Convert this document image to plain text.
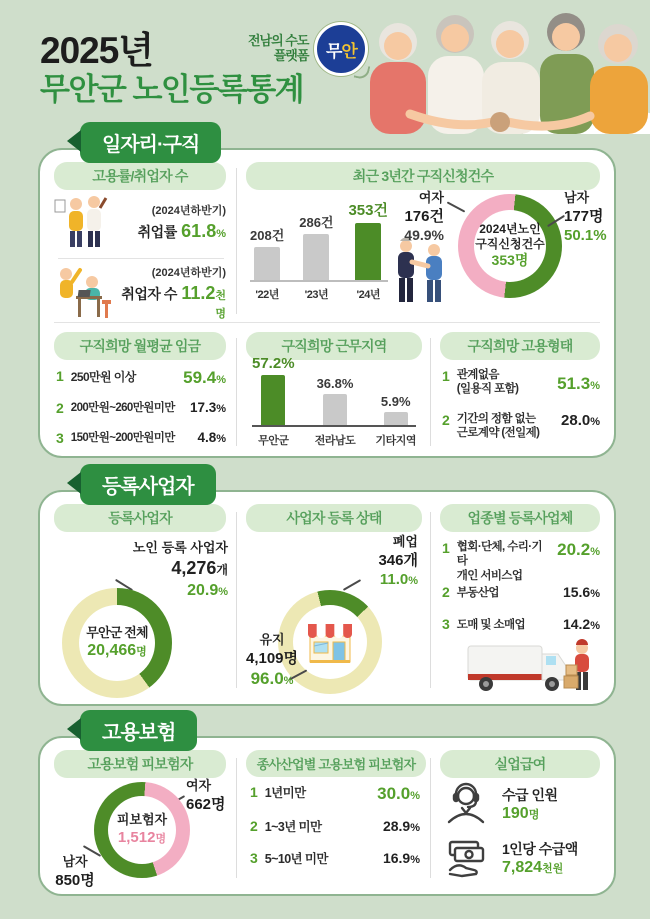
2025년
무안군 노인등록통계
전남의 수도
플랫폼 무안
일자리·구직
고용률/취업자 수
(2024년하반기)
취업률 61.8%
(2024년하반기)
취업자 수 11.2천명
최근 3년간 구직신청건수
208건
'22년
286건
'23년
353건
'24년
여자
176건
49.9%	2024년노인
구직신청건수
353명
남자
177명
50.1%
구직희망 월평균 임금
1 250만원 이상	59.4%
2 200만원~260만원미만 17.3%
3 150만원~200만원미만 4.8%
구직희망 근무지역
57.2%
무안군
36.8%
전라남도
5.9%
기타지역
구직희망 고용형태
1 관계없음
(일용직 포함) 51.3%
2 기간의 정함 없는
근로계약 (전일제)
28.0%
등록사업자
등록사업자
노인 등록 사업자
4,276개
20.9%
무안군 전체
20,466명
사업자 등록 상태
폐업
346개
11.0%
유지
4,109명
96.0%
업종별 등록사업체
1 협회·단체, 수리·기타
개인 서비스업
20.2%
2 부동산업	15.6%
3 도매 및 소매업	14.2%
고용보험
고용보험 피보험자
여자
662명
피보험자
1,512명
남자
850명
종사산업별 고용보험 피보험자
1 1년미만	30.0%
2 1~3년 미만	28.9%
3 5~10년 미만	16.9%
실업급여
수급 인원
190명
1인당 수급액
7,824천원
